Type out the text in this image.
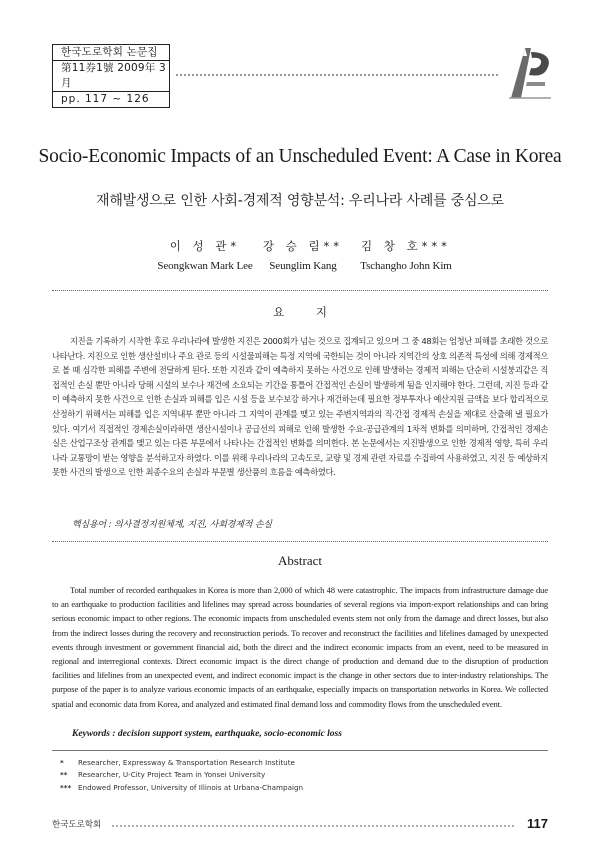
한국도로학회 논문집
第11券1號 2009年 3月
pp. 117 ~ 126
Socio-Economic Impacts of an Unscheduled Event: A Case in Korea
재해발생으로 인한 사회-경제적 영향분석: 우리나라 사례를 중심으로
이 성 관*
Seongkwan Mark Lee
강 승 림**
Seunglim Kang
김 창 호***
Tschangho John Kim
요 지

지진을 기록하기 시작한 후로 우리나라에 발생한 지진은 2000회가 넘는 것으로 집계되고 있으며 그 중 48회는 엄청난 피해를 초래한 것으로 나타난다. 지진으로 인한 생산설비나 주요 관로 등의 시설물피해는 특정 지역에 국한되는 것이 아니라 지역간의 상호 의존적 특성에 의해 경제적으로 볼 때 심각한 피해를 주변에 전달하게 된다. 또한 지진과 같이 예측하지 못하는 사건으로 인해 발생하는 경제적 피해는 단순히 시설붕괴같은 직접적인 손실 뿐만 아니라 당해 시설의 보수나 재건에 소요되는 기간을 통틀어 간접적인 손실이 발생하게 됨을 인지해야 한다. 그런데, 지진 등과 같이 예측하지 못한 사건으로 인한 손실과 피해를 입은 시설 등을 보수보강 하거나 재건하는데 필요한 정부투자나 예산지원 금액을 보다 합리적으로 산정하기 위해서는 피해를 입은 지역내부 뿐만 아니라 그 지역이 관계를 맺고 있는 주변지역과의 직·간접 경제적 손실을 제대로 산출해 낼 필요가 있다. 여기서 직접적인 경제손실이라하면 생산시설이나 공급선의 피해로 인해 발생한 수요-공급관계의 1차적 변화를 의미하며, 간접적인 경제손실은 산업구조상 관계를 맺고 있는 다른 부문에서 나타나는 간접적인 변화를 의미한다. 본 논문에서는 지진발생으로 인한 경제적 영향, 특히 우리나라 교통망이 받는 영향을 분석하고자 하였다. 이를 위해 우리나라의 고속도로, 교량 및 경제 관련 자료를 수집하여 사용하였고, 지진 등 예상하지 못한 사건의 발생으로 인한 최종수요의 손실과 부문별 생산품의 흐름을 예측하였다.

핵심용어 : 의사결정지원체계, 지진, 사회경제적 손실
Abstract

Total number of recorded earthquakes in Korea is more than 2,000 of which 48 were catastrophic. The impacts from infrastructure damage due to an earthquake to production facilities and lifelines may spread across boundaries of several regions via import-export relationships and can bring serious economic impact to other regions. The economic impacts from unscheduled events stem not only from the damage and direct losses, but also from the indirect losses during the recovery and reconstruction periods. To recover and reconstruct the facilities and lifelines damaged by unexpected events through investment or government financial aid, both the direct and the indirect economic impacts from an event, need to be measured in regional and interregional contexts. Direct economic impact is the direct change of production and demand due to the disruption of production facilities and lifelines from an unexpected event, and indirect economic impact is the change in other sectors due to inter-industry relationships. The purpose of the paper is to analyze various economic impacts of an earthquake, especially impacts on transportation networks in Korea. We collected spatial and economic data from Korea, and analyzed and estimated final demand loss and commodity flows from the unscheduled event.

Keywords : decision support system, earthquake, socio-economic loss
* Researcher, Expressway & Transportation Research Institute
** Researcher, U-City Project Team in Yonsei University
*** Endowed Professor, University of Illinois at Urbana-Champaign
한국도로학회	117
